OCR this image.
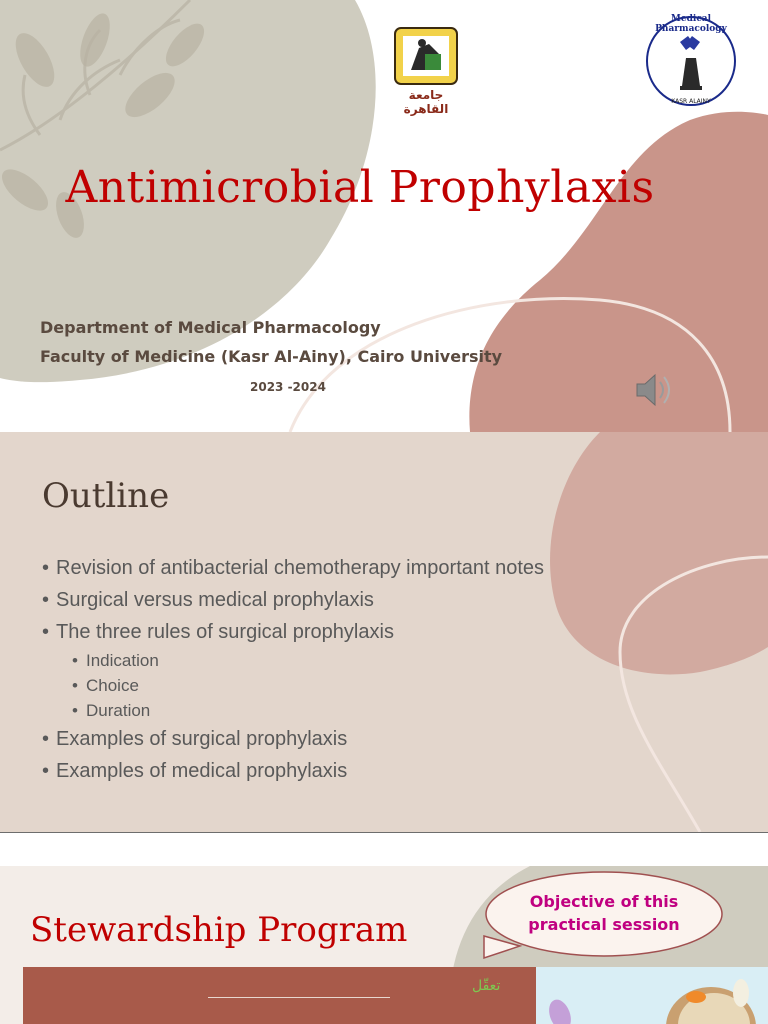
جامعة القاهرة
Medical Pharmacology
KASR ALAINY
Antimicrobial Prophylaxis
Department of Medical Pharmacology
Faculty of Medicine (Kasr Al-Ainy), Cairo University
2023 -2024
Outline
• Revision of antibacterial chemotherapy important notes
• Surgical versus medical prophylaxis
• The three rules of surgical prophylaxis
• Indication
• Choice
• Duration
• Examples of surgical prophylaxis
• Examples of medical prophylaxis
Stewardship Program
Objective of this
practical session
تعقّل
